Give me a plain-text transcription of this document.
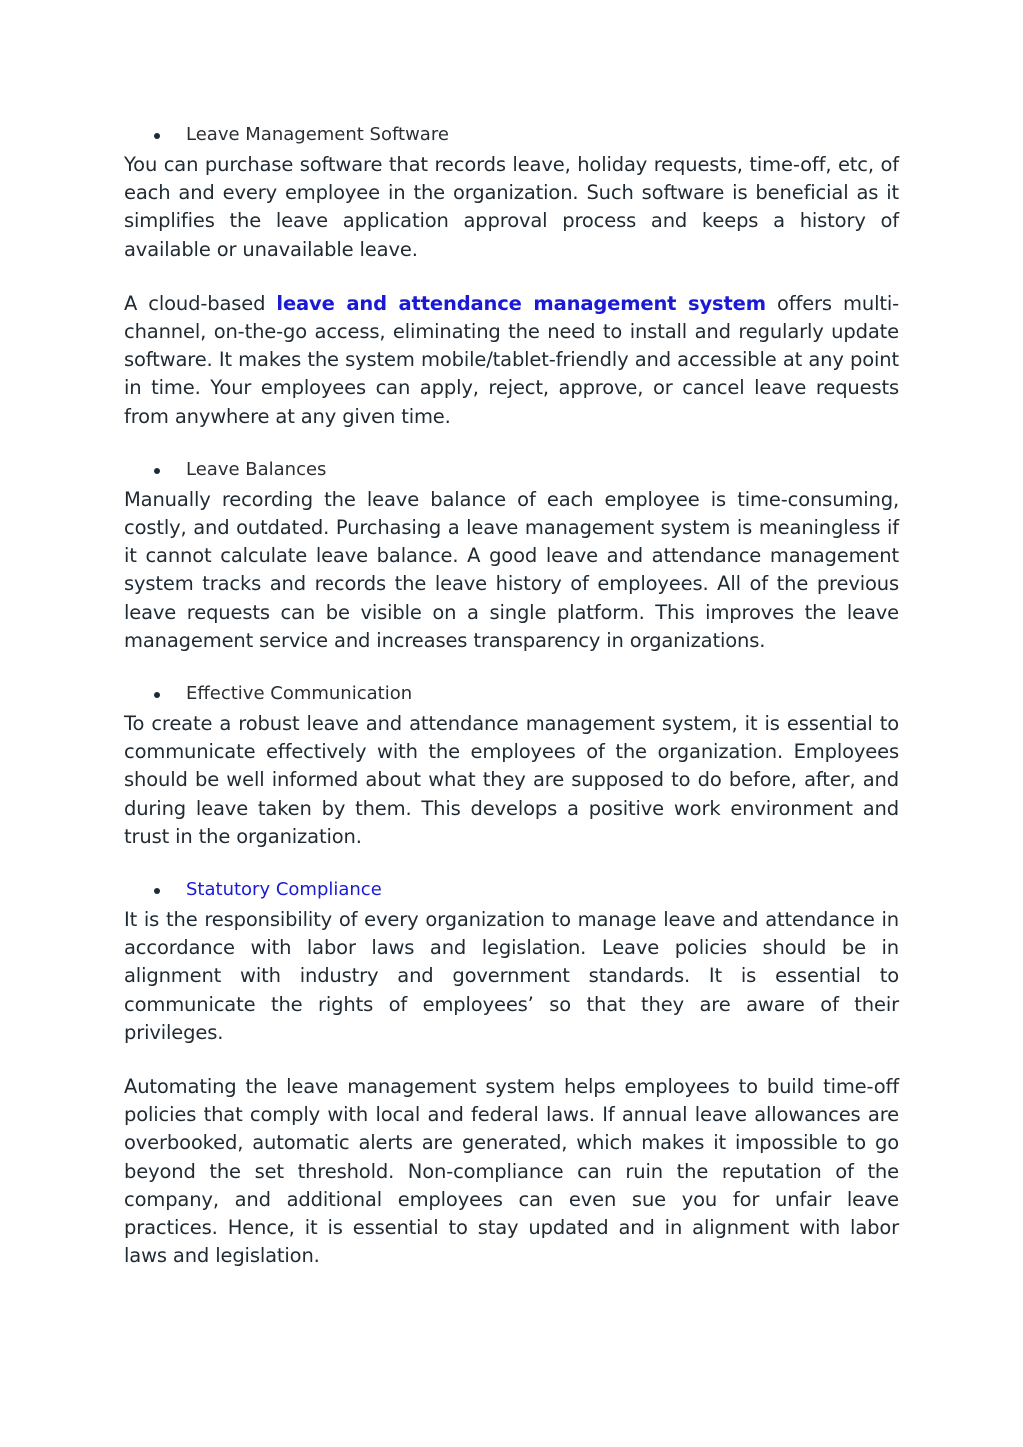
Leave Management Software

You can purchase software that records leave, holiday requests, time-off, etc, of each and every employee in the organization. Such software is beneficial as it simplifies the leave application approval process and keeps a history of available or unavailable leave.

A cloud-based leave and attendance management system offers multi-channel, on-the-go access, eliminating the need to install and regularly update software. It makes the system mobile/tablet-friendly and accessible at any point in time. Your employees can apply, reject, approve, or cancel leave requests from anywhere at any given time.

Leave Balances

Manually recording the leave balance of each employee is time-consuming, costly, and outdated. Purchasing a leave management system is meaningless if it cannot calculate leave balance. A good leave and attendance management system tracks and records the leave history of employees. All of the previous leave requests can be visible on a single platform. This improves the leave management service and increases transparency in organizations.

Effective Communication

To create a robust leave and attendance management system, it is essential to communicate effectively with the employees of the organization. Employees should be well informed about what they are supposed to do before, after, and during leave taken by them. This develops a positive work environment and trust in the organization.

Statutory Compliance

It is the responsibility of every organization to manage leave and attendance in accordance with labor laws and legislation. Leave policies should be in alignment with industry and government standards. It is essential to communicate the rights of employees’ so that they are aware of their privileges.

Automating the leave management system helps employees to build time-off policies that comply with local and federal laws. If annual leave allowances are overbooked, automatic alerts are generated, which makes it impossible to go beyond the set threshold. Non-compliance can ruin the reputation of the company, and additional employees can even sue you for unfair leave practices. Hence, it is essential to stay updated and in alignment with labor laws and legislation.
